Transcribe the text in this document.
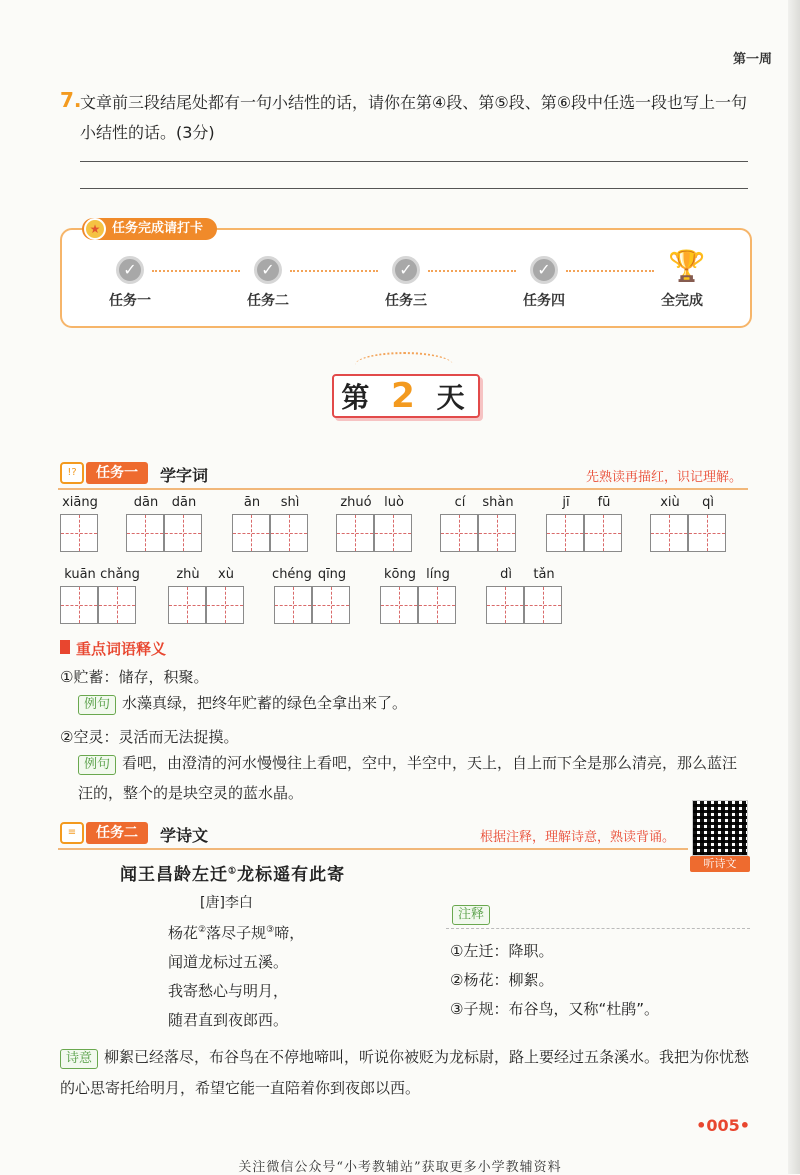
第一周
7.
文章前三段结尾处都有一句小结性的话，请你在第④段、第⑤段、第⑥段中任选一段也写上一句小结性的话。(3分)
任务完成请打卡
★
✓	✓	✓	✓	🏆
任务一	任务二	任务三	任务四	全完成
第 2 天
!?	任务一	学字词	先熟读再描红，识记理解。
xiāng	dān	dān	ān	shì	zhuó luò	cí	shàn	jī	fū	xiù	qì
kuān chǎng	zhù	xù	chéng qīng	kōng líng	dì	tǎn
重点词语释义
①贮蓄：储存，积聚。
例句 水藻真绿，把终年贮蓄的绿色全拿出来了。
②空灵：灵活而无法捉摸。
例句 看吧，由澄清的河水慢慢往上看吧，空中，半空中，天上，自上而下全是那么清亮，那么蓝汪汪的，整个的是块空灵的蓝水晶。
≡	任务二	学诗文	根据注释，理解诗意，熟读背诵。
听诗文
闻王昌龄左迁①龙标遥有此寄
[唐]李白
杨花②落尽子规③啼，
闻道龙标过五溪。
我寄愁心与明月，
随君直到夜郎西。
注释
①左迁：降职。
②杨花：柳絮。
③子规：布谷鸟，又称“杜鹃”。
诗意 柳絮已经落尽，布谷鸟在不停地啼叫，听说你被贬为龙标尉，路上要经过五条溪水。我把为你忧愁的心思寄托给明月，希望它能一直陪着你到夜郎以西。
•005•
关注微信公众号“小考教辅站”获取更多小学教辅资料
